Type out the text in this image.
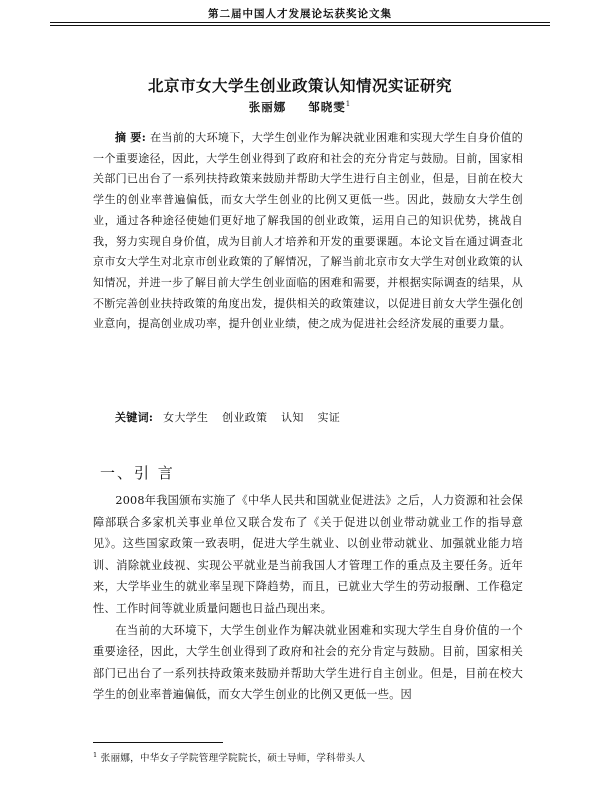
第二届中国人才发展论坛获奖论文集
北京市女大学生创业政策认知情况实证研究
张丽娜 邹晓雯$^1$
摘 要: 在当前的大环境下，大学生创业作为解决就业困难和实现大学生自身价值的一个重要途径，因此，大学生创业得到了政府和社会的充分肯定与鼓励。目前，国家相关部门已出台了一系列扶持政策来鼓励并帮助大学生进行自主创业，但是，目前在校大学生的创业率普遍偏低，而女大学生创业的比例又更低一些。因此，鼓励女大学生创业，通过各种途径使她们更好地了解我国的创业政策，运用自己的知识优势，挑战自我，努力实现自身价值，成为目前人才培养和开发的重要课题。本论文旨在通过调查北京市女大学生对北京市创业政策的了解情况，了解当前北京市女大学生对创业政策的认知情况，并进一步了解目前大学生创业面临的困难和需要，并根据实际调查的结果，从不断完善创业扶持政策的角度出发，提供相关的政策建议，以促进目前女大学生强化创业意向，提高创业成功率，提升创业业绩，使之成为促进社会经济发展的重要力量。
关键词: 女大学生 创业政策 认知 实证
一、引 言

2008年我国颁布实施了《中华人民共和国就业促进法》之后，人力资源和社会保障部联合多家机关事业单位又联合发布了《关于促进以创业带动就业工作的指导意见》。这些国家政策一致表明，促进大学生就业、以创业带动就业、加强就业能力培训、消除就业歧视、实现公平就业是当前我国人才管理工作的重点及主要任务。近年来，大学毕业生的就业率呈现下降趋势，而且，已就业大学生的劳动报酬、工作稳定性、工作时间等就业质量问题也日益凸现出来。

在当前的大环境下，大学生创业作为解决就业困难和实现大学生自身价值的一个重要途径，因此，大学生创业得到了政府和社会的充分肯定与鼓励。目前，国家相关部门已出台了一系列扶持政策来鼓励并帮助大学生进行自主创业。但是，目前在校大学生的创业率普遍偏低，而女大学生创业的比例又更低一些。因

$^1$ 张丽娜，中华女子学院管理学院院长，硕士导师，学科带头人
